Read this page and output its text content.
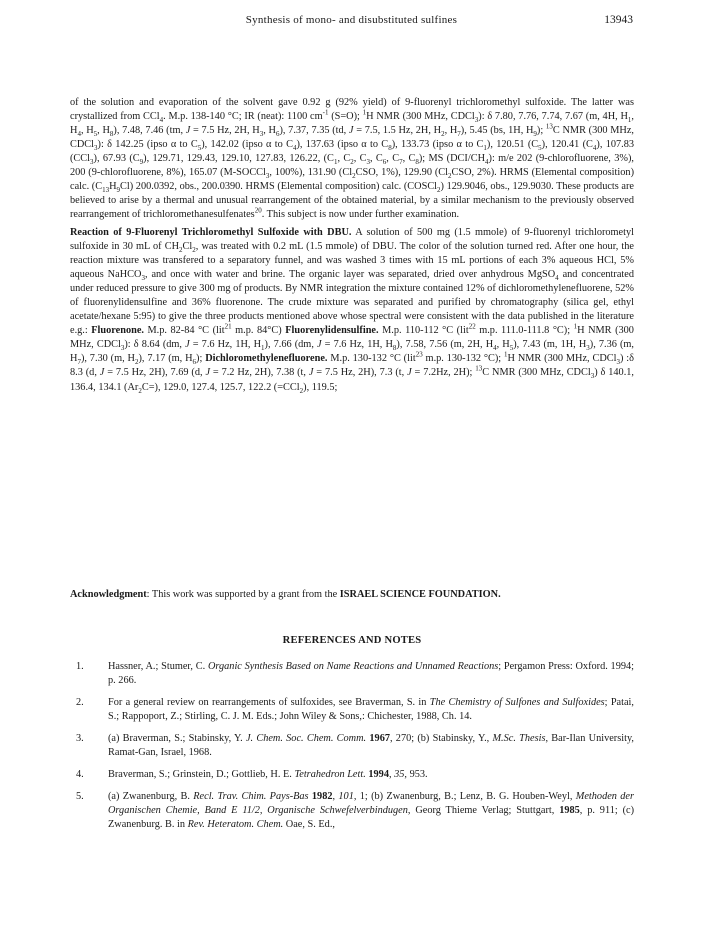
Synthesis of mono- and disubstituted sulfines	13943

of the solution and evaporation of the solvent gave 0.92 g (92% yield) of 9-fluorenyl trichloromethyl sulfoxide. The latter was crystallized from CCl$_4$. M.p. 138-140 °C; IR (neat): 1100 $cm^{-1}$ (S=O); $^1$H NMR (300 MHz, CDCl$_3$): δ 7.80, 7.76, 7.74, 7.67 (m, 4H, $H_1$, $H_4$, $H_5$, $H_8$), 7.48, 7.46 (tm, J = 7.5 Hz, 2H, $H_3$, $H_6$), 7.37, 7.35 (td, J = 7.5, 1.5 Hz, 2H, $H_2$, $H_7$), 5.45 (bs, 1H, $H_9$); $^{13}$C NMR (300 MHz, CDCl$_3$): δ 142.25 (ipso α to $C_5$), 142.02 (ipso α to $C_4$), 137.63 (ipso α to $C_8$), 133.73 (ipso α to $C_1$), 120.51 $(C_5)$, 120.41 $(C_4)$, 107.83 (CCl$_3$), 67.93 $(C_9)$, 129.71, 129.43, 129.10, 127.83, 126.22, ($C_1$, $C_2$, $C_3$, $C_6$, $C_7$, $C_8$); MS $(DCI/CH_4)$: m/e 202 (9-chlorofluorene, 3%), 200 (9-chlorofluorene, 8%), 165.07 (M-SOCCl$_3$, 100%), 131.90 ($Cl_2CSO$, 1%), 129.90 ($Cl_2CSO$, 2%). HRMS (Elemental composition) calc. $(C_{13}H_9Cl)$ 200.0392, obs., 200.0390. HRMS (Elemental composition) calc. (COSCl$_2$) 129.9046, obs., 129.9030. These products are believed to arise by a thermal and unusual rearrangement of the obtained material, by a similar mechanism to the previously observed rearrangement of trichloromethanesulfenates$^{20}$. This subject is now under further examination.

Reaction of 9-Fluorenyl Trichloromethyl Sulfoxide with DBU. A solution of 500 mg (1.5 mmole) of 9-fluorenyl trichlorometyl sulfoxide in 30 mL of $CH_2Cl_2$, was treated with 0.2 mL (1.5 mmole) of DBU. The color of the solution turned red. After one hour, the reaction mixture was transfered to a separatory funnel, and was washed 3 times with 15 mL portions of each 3% aqueous HCl, 5% aqueous NaHCO$_3$, and once with water and brine. The organic layer was separated, dried over anhydrous MgSO$_4$ and concentrated under reduced pressure to give 300 mg of products. By NMR integration the mixture contained 12% of dichloromethylenefluorene, 52% of fluorenylidensulfine and 36% fluorenone. The crude mixture was separated and purified by chromatography (silica gel, ethyl acetate/hexane 5:95) to give the three products mentioned above whose spectral were consistent with the data published in the literature e.g.: Fluorenone. M.p. 82-84 °C (lit$^{21}$ m.p. 84°C) Fluorenylidensulfine. M.p. 110-112 °C (lit$^{22}$ m.p. 111.0-111.8 °C); $^1$H NMR (300 MHz, CDCl$_3$): δ 8.64 (dm, J = 7.6 Hz, 1H, $H_1$), 7.66 (dm, J = 7.6 Hz, 1H, $H_8$), 7.58, 7.56 (m, 2H, $H_4$, $H_5$), 7.43 (m, 1H, $H_3$), 7.36 (m, $H_7$), 7.30 (m, $H_2$), 7.17 (m, $H_6$); Dichloromethylenefluorene. M.p. 130-132 °C (lit$^{23}$ m.p. 130-132 °C); $^1$H NMR (300 MHz, CDCl$_3$) :δ 8.3 (d, J = 7.5 Hz, 2H), 7.69 (d, J = 7.2 Hz, 2H), 7.38 (t, J = 7.5 Hz, 2H), 7.3 (t, J = 7.2Hz, 2H); $^{13}$C NMR (300 MHz, CDCl$_3$) δ 140.1, 136.4, 134.1 $(Ar_2C=)$, 129.0, 127.4, 125.7, 122.2 (=CCl$_2$), 119.5;

Acknowledgment: This work was supported by a grant from the ISRAEL SCIENCE FOUNDATION.

REFERENCES AND NOTES
1. Hassner, A.; Stumer, C. Organic Synthesis Based on Name Reactions and Unnamed Reactions; Pergamon Press: Oxford. 1994; p. 266.
2. For a general review on rearrangements of sulfoxides, see Braverman, S. in The Chemistry of Sulfones and Sulfoxides; Patai, S.; Rappoport, Z.; Stirling, C. J. M. Eds.; John Wiley & Sons,: Chichester, 1988, Ch. 14.
3. (a) Braverman, S.; Stabinsky, Y. J. Chem. Soc. Chem. Comm. 1967, 270; (b) Stabinsky, Y., M.Sc. Thesis, Bar-Ilan University, Ramat-Gan, Israel, 1968.
4. Braverman, S.; Grinstein, D.; Gottlieb, H. E. Tetrahedron Lett. 1994, 35, 953.
5. (a) Zwanenburg, B. Recl. Trav. Chim. Pays-Bas 1982, 101, 1; (b) Zwanenburg, B.; Lenz, B. G. Houben-Weyl, Methoden der Organischen Chemie, Band E 11/2, Organische Schwefelverbindugen, Georg Thieme Verlag; Stuttgart, 1985, p. 911; (c) Zwanenburg. B. in Rev. Heteratom. Chem. Oae, S. Ed.,
